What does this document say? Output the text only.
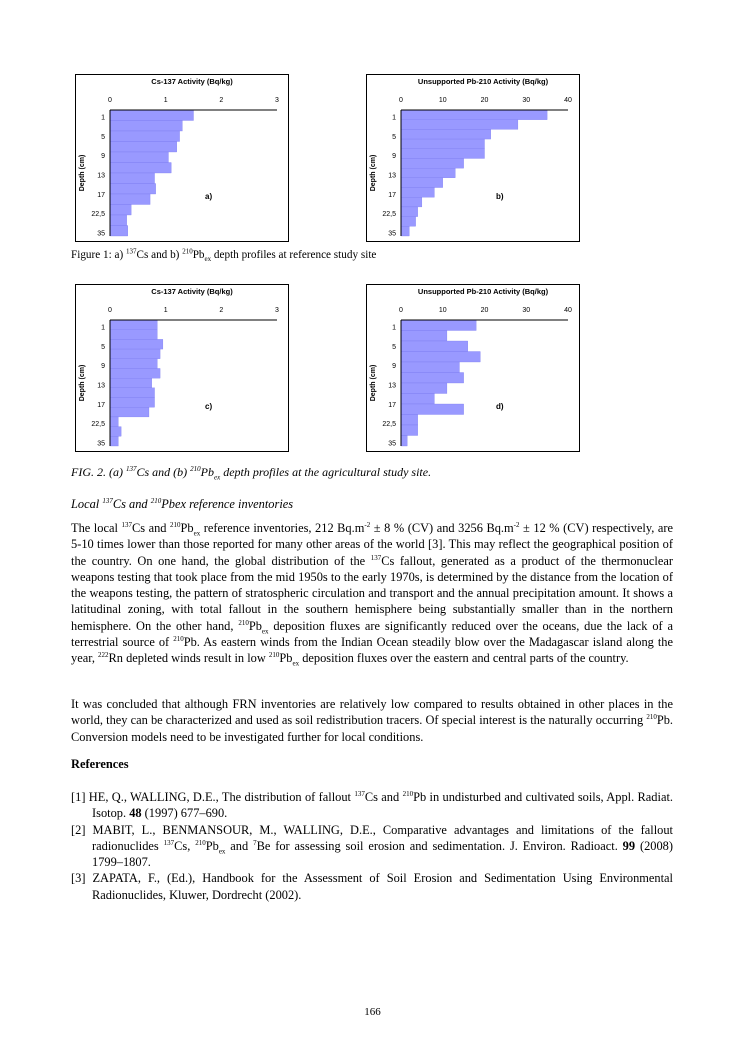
Cs-137 Activity (Bq/kg)
0	1	2	3
1
5
9
13
17
22,5
35
Depth (cm)
a)
Unsupported Pb-210 Activity (Bq/kg)
0	10	20	30	40
1
5
9
13
17
22,5
35
Depth (cm)
b)
Cs-137 Activity (Bq/kg)
0	1	2	3
1
5
9
13
17
22,5
35
Depth (cm)
c)
Unsupported Pb-210 Activity (Bq/kg)
0	10	20	30	40
1
5
9
13
17
22,5
35
Depth (cm)
d)
Figure 1: a) $^{137}$Cs and b) $^{210}Pb_{ex}$ depth profiles at reference study site
FIG. 2. (a) $^{137}$Cs and (b) $^{210}Pb_{ex}$ depth profiles at the agricultural study site.
Local $^{137}$Cs and $^{210}$Pbex reference inventories
The local $^{137}$Cs and $^{210}Pb_{ex}$ reference inventories, 212 $Bq.m^{-2} \pm 8$ % (CV) and 3256 $Bq.m^{-2} \pm 12$ % (CV) respectively, are 5-10 times lower than those reported for many other areas of the world [3]. This may reflect the geographical position of the country. On one hand, the global distribution of the $^{137}$Cs fallout, generated as a product of the thermonuclear weapons testing that took place from the mid 1950s to the early 1970s, is determined by the distance from the location of the weapons testing, the pattern of stratospheric circulation and transport and the annual precipitation amount. It shows a latitudinal zoning, with total fallout in the southern hemisphere being substantially smaller than in the northern hemisphere. On the other hand, $^{210}Pb_{ex}$ deposition fluxes are significantly reduced over the oceans, due the lack of a terrestrial source of $^{210}$Pb. As eastern winds from the Indian Ocean steadily blow over the Madagascar island along the year, $^{222}$Rn depleted winds result in low $^{210}Pb_{ex}$ deposition fluxes over the eastern and central parts of the country.
It was concluded that although FRN inventories are relatively low compared to results obtained in other places in the world, they can be characterized and used as soil redistribution tracers. Of special interest is the naturally occurring $^{210}$Pb. Conversion models need to be investigated further for local conditions.
References

[1] HE, Q., WALLING, D.E., The distribution of fallout $^{137}$Cs and $^{210}$Pb in undisturbed and cultivated soils, Appl. Radiat. Isotop. 48 (1997) 677–690.

[2] MABIT, L., BENMANSOUR, M., WALLING, D.E., Comparative advantages and limitations of the fallout radionuclides $^{137}$Cs, $^{210}Pb_{ex}$ and $^7$Be for assessing soil erosion and sedimentation. J. Environ. Radioact. 99 (2008) 1799–1807.

[3] ZAPATA, F., (Ed.), Handbook for the Assessment of Soil Erosion and Sedimentation Using Environmental Radionuclides, Kluwer, Dordrecht (2002).

166
